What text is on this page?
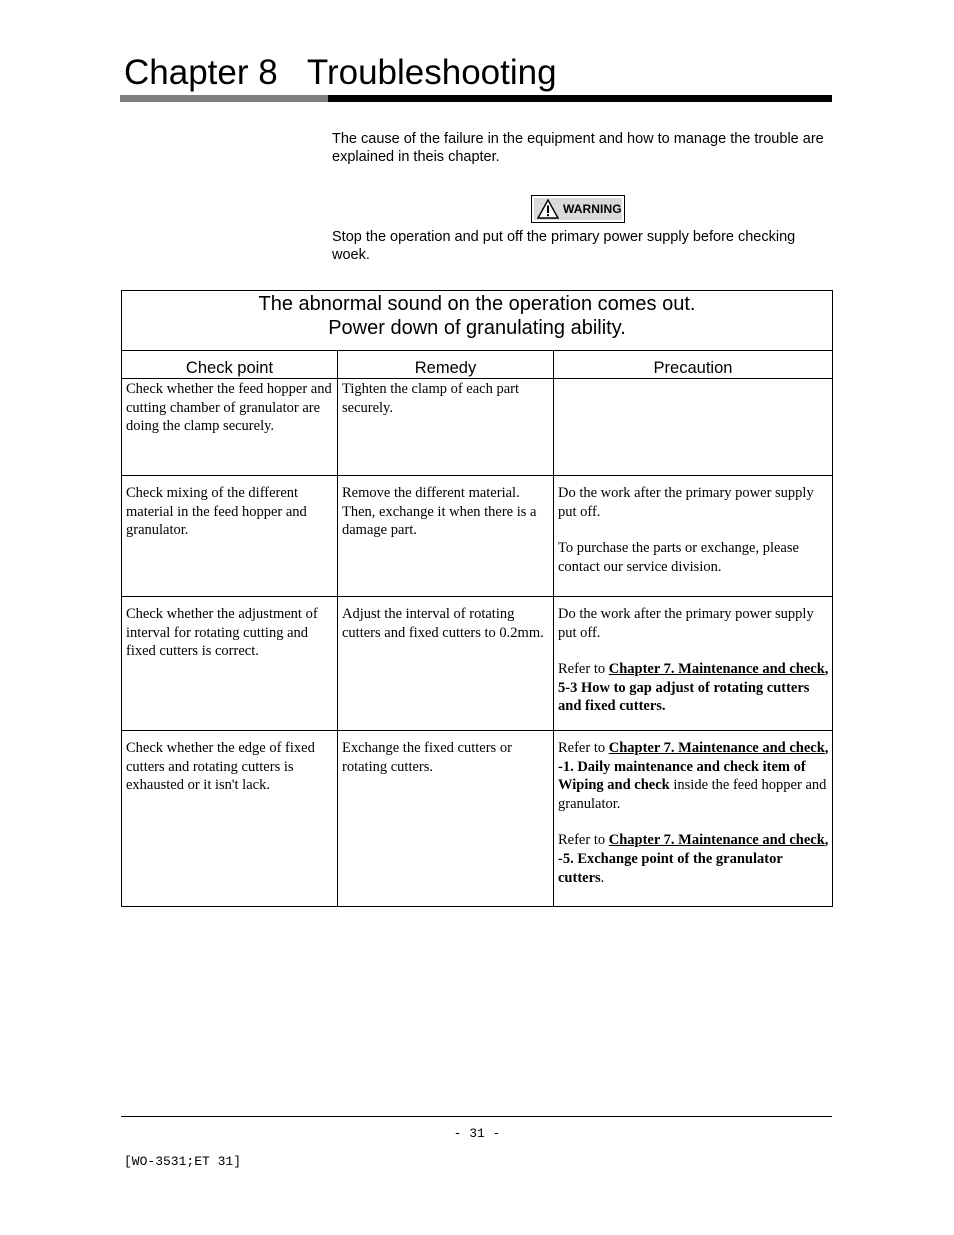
Chapter 8   Troubleshooting
The cause of the failure in the equipment and how to manage the trouble are explained in theis chapter.
WARNING
Stop the operation and put off the primary power supply before checking woek.
The abnormal sound on the operation comes out.
Power down of granulating ability.		

Check point	Remedy	Precaution
Check whether the feed hopper and cutting chamber of granulator are doing the clamp securely.	Tighten the clamp of each part securely.	
Check mixing of the different material in the feed hopper and granulator.	Remove the different material. Then, exchange it when there is a damage part.	Do the work after the primary power supply put off.
To purchase the parts or exchange, please contact our service division.

Check whether the adjustment of interval for rotating cutting and fixed cutters is correct.	Adjust the interval of rotating cutters and fixed cutters to 0.2mm.	Do the work after the primary power supply put off.
Refer to Chapter 7. Maintenance and check, 5-3 How to gap adjust of rotating cutters and fixed cutters.

Check whether the edge of fixed cutters and rotating cutters is exhausted or it isn't lack.	Exchange the fixed cutters or rotating cutters.	Refer to Chapter 7. Maintenance and check, -1. Daily maintenance and check item of Wiping and check inside the feed hopper and granulator.
Refer to Chapter 7. Maintenance and check, -5. Exchange point of the granulator cutters.
- 31 -
[WO-3531;ET 31]
